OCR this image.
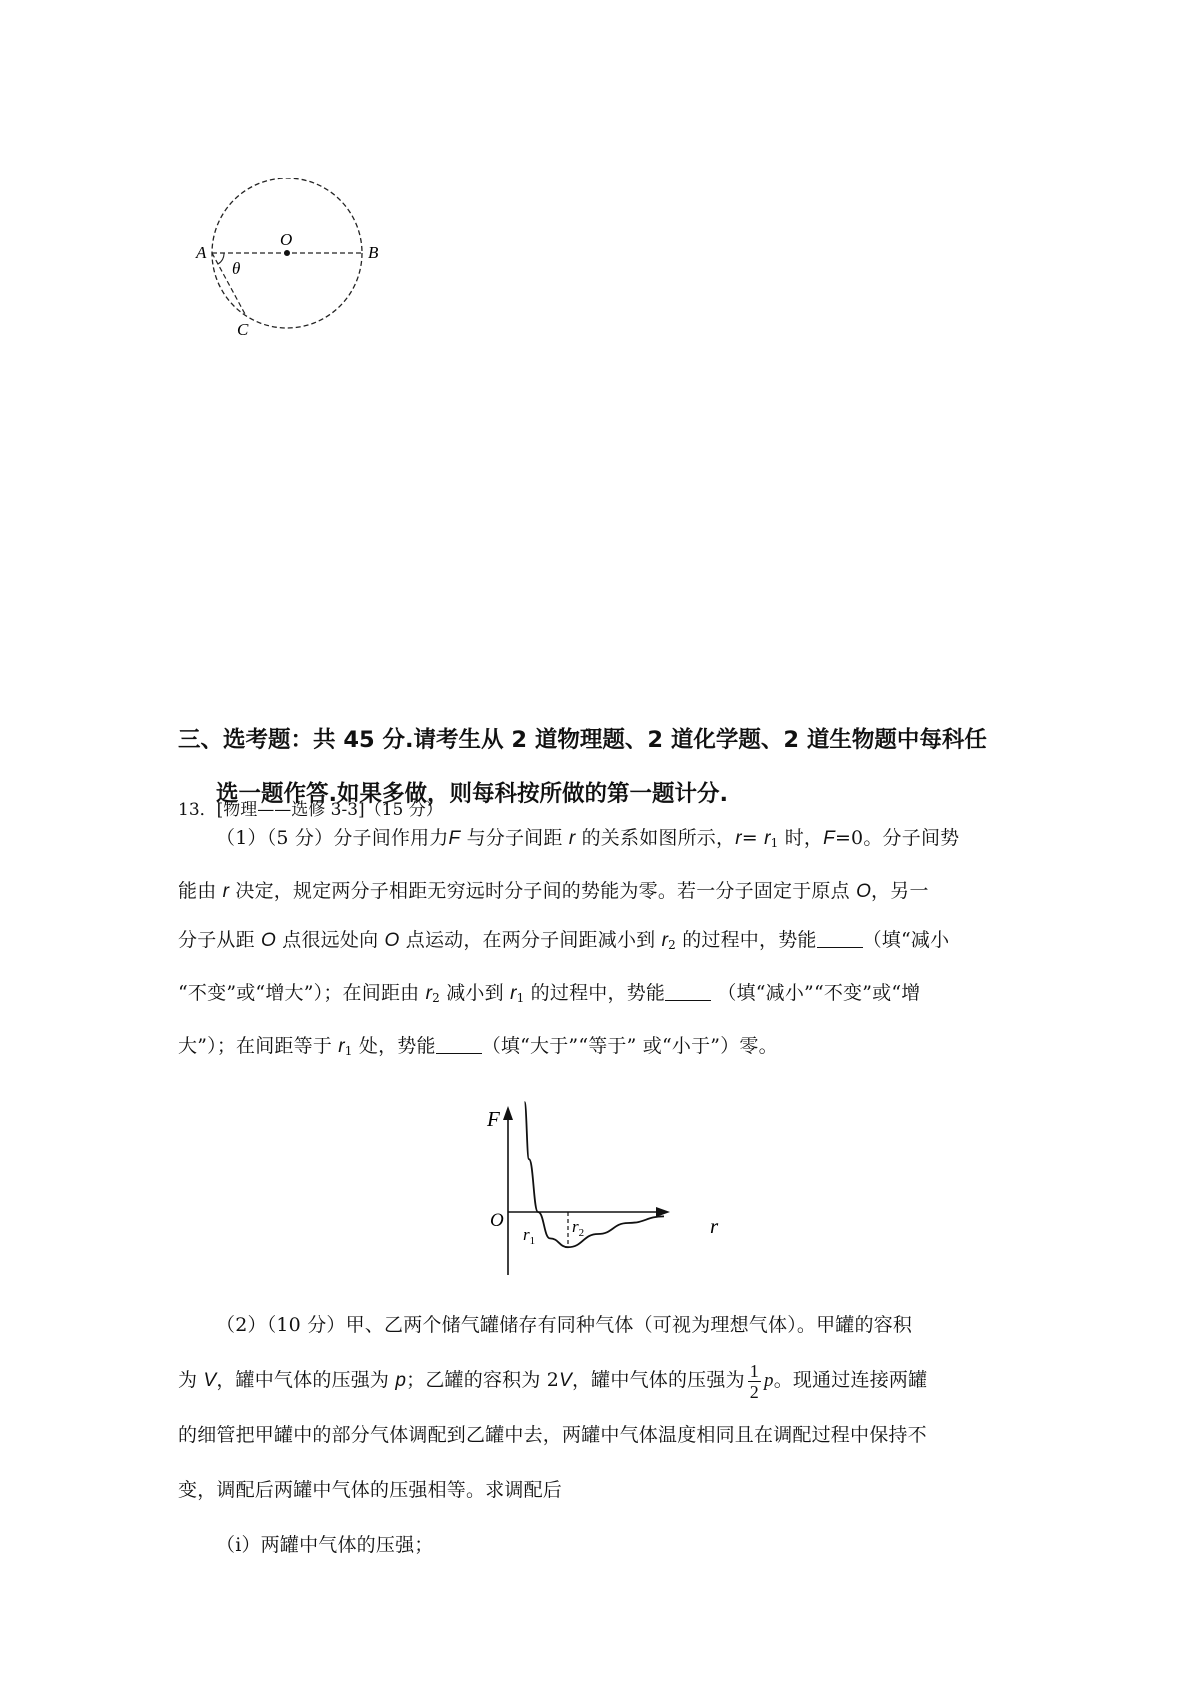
O
A	B
C
θ
三、选考题：共 45 分.请考生从 2 道物理题、2 道化学题、2 道生物题中每科任
选一题作答.如果多做，则每科按所做的第一题计分.
13．[物理——选修 3-3]（15 分）
（1）（5 分）分子间作用力F 与分子间距 r 的关系如图所示，$r= r_1$ 时，F=0。分子间势
能由 r 决定，规定两分子相距无穷远时分子间的势能为零。若一分子固定于原点 O，另一
分子从距 O 点很远处向 O 点运动，在两分子间距减小到 $r_2$ 的过程中，势能 （填“减小
“不变”或“增大”）；在间距由 $r_2$ 减小到 $r_1$ 的过程中，势能 （填“减小”“不变”或“增
大”）；在间距等于 $r_1$ 处，势能 （填“大于”“等于” 或“小于”）零。
F
r
O
$r_1$
$r_2$
（2）（10 分）甲、乙两个储气罐储存有同种气体（可视为理想气体）。甲罐的容积
为 V，罐中气体的压强为 p；乙罐的容积为 2V，罐中气体的压强为 $\frac{1}{2}$ p。现通过连接两罐
的细管把甲罐中的部分气体调配到乙罐中去，两罐中气体温度相同且在调配过程中保持不
变，调配后两罐中气体的压强相等。求调配后
（i）两罐中气体的压强；
